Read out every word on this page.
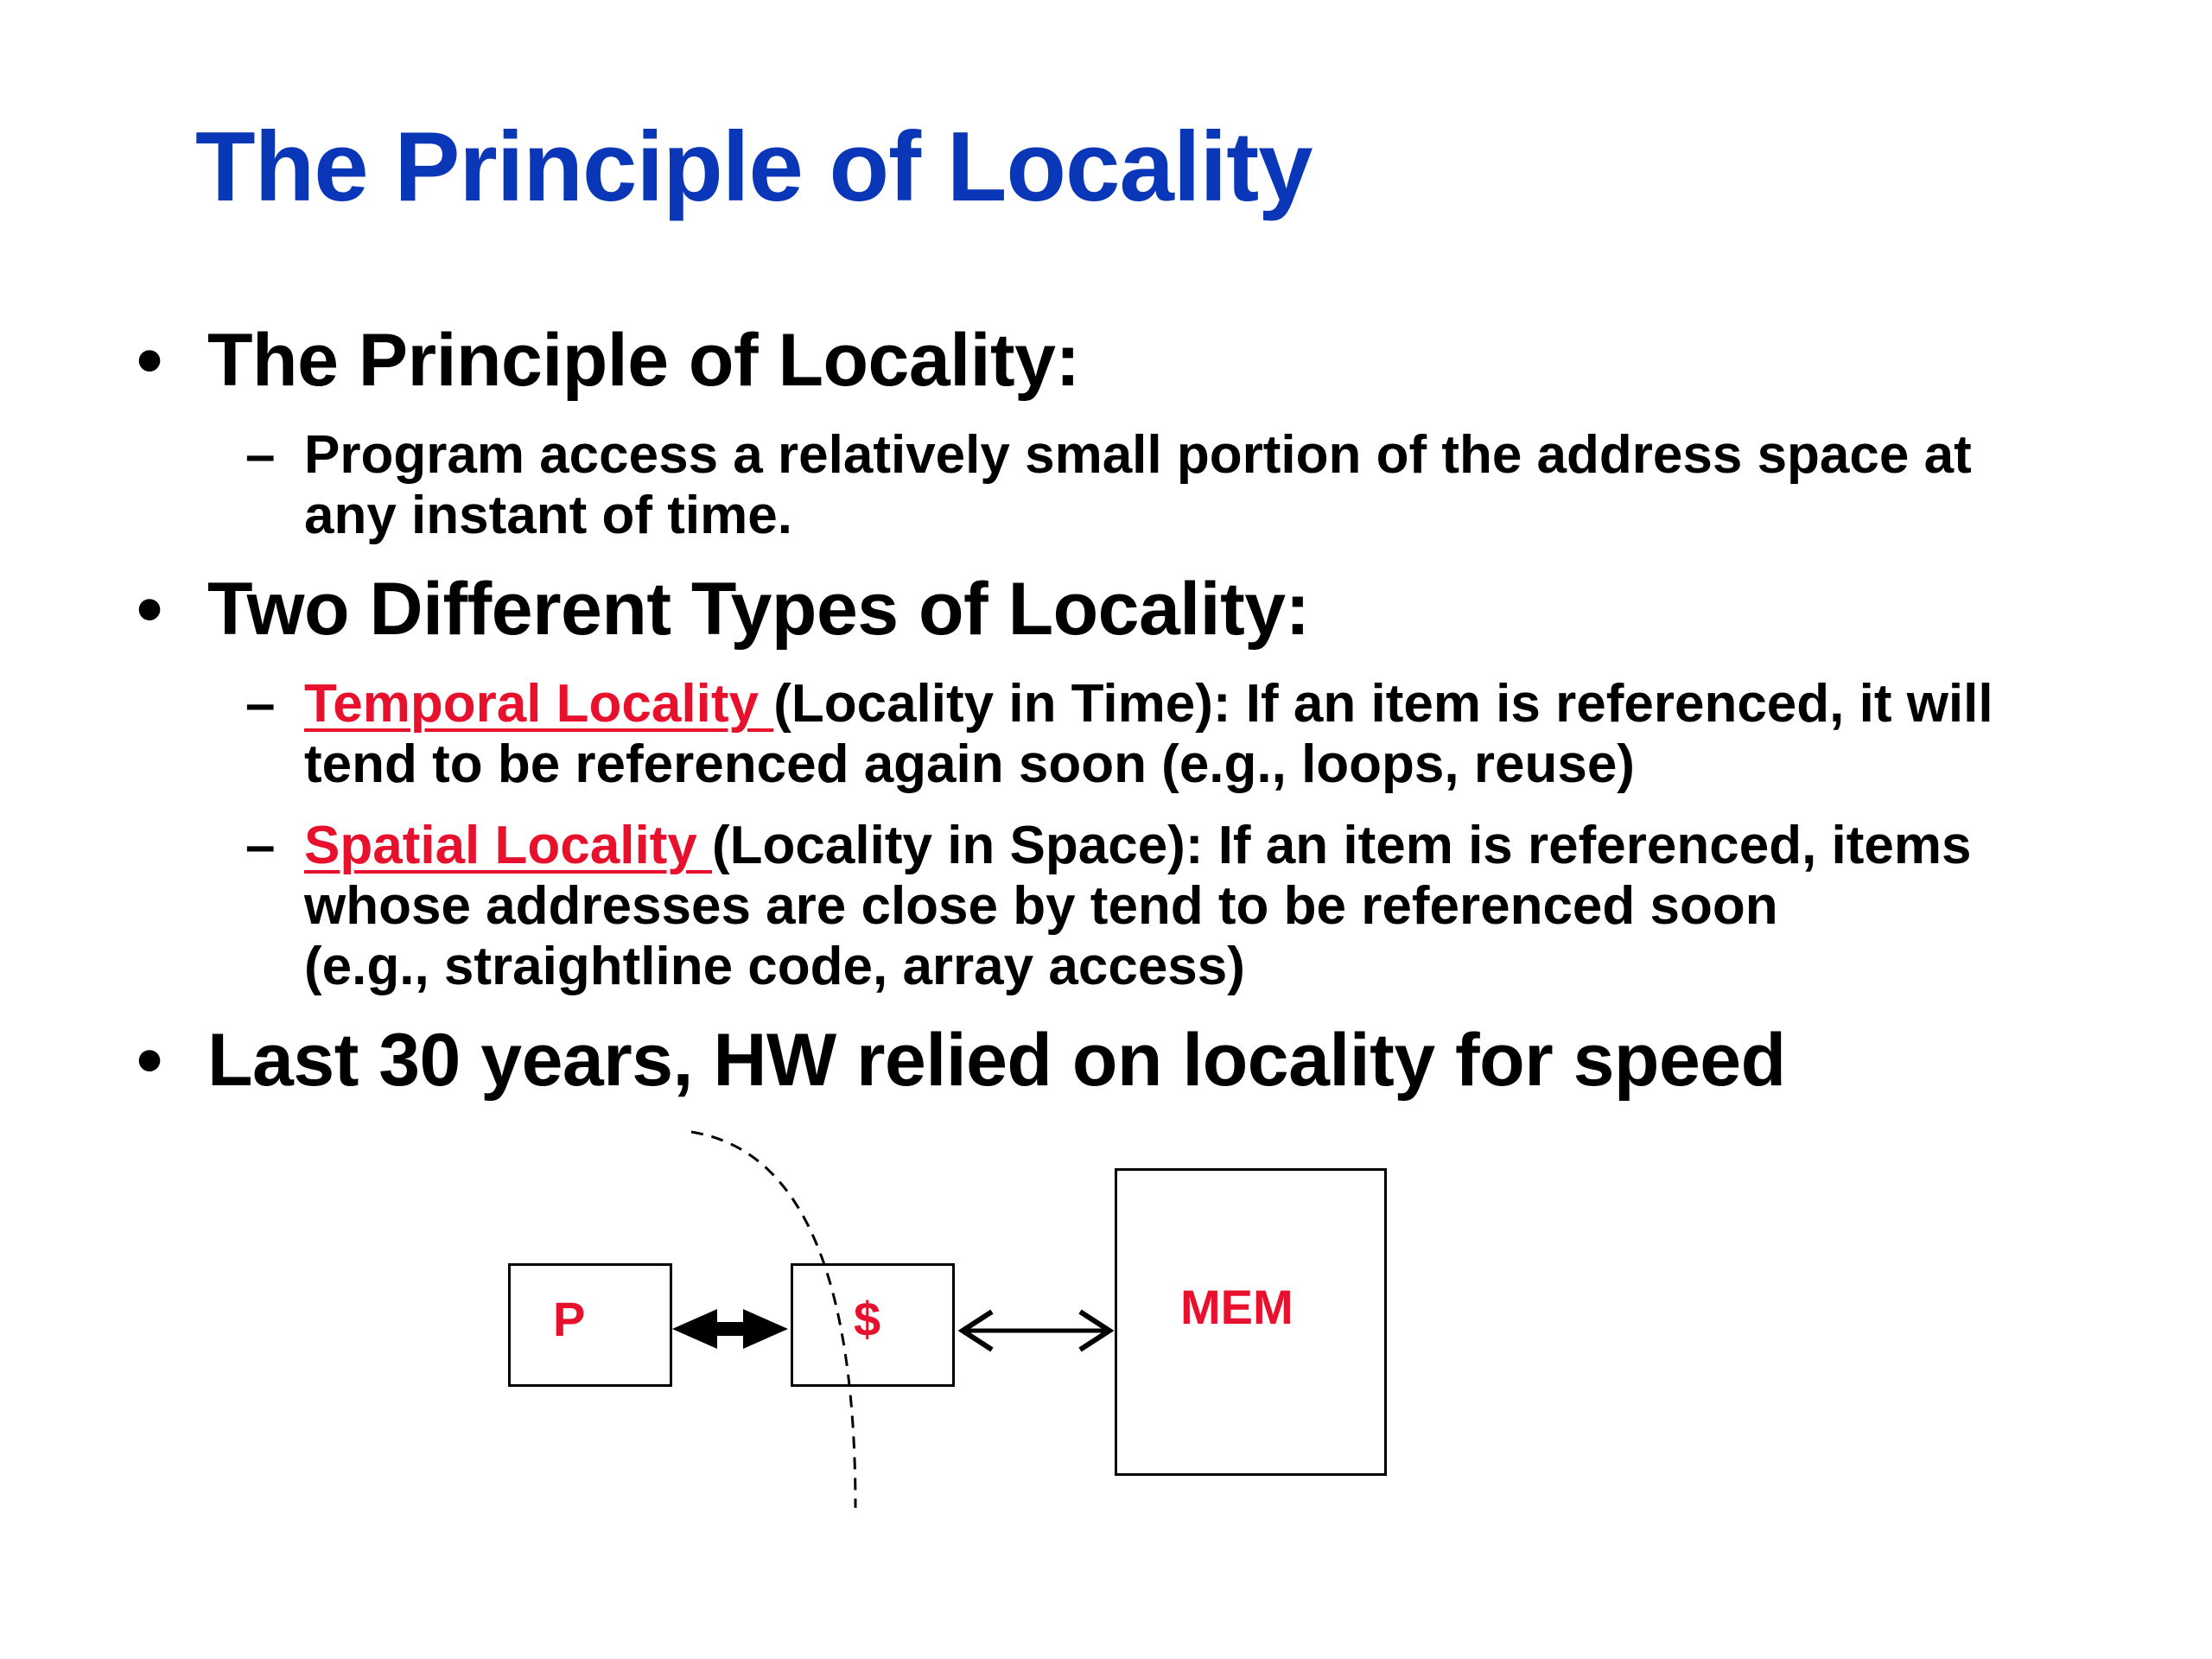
The Principle of Locality
• The Principle of Locality:
– Program access a relatively small portion of the address space at
any instant of time.
• Two Different Types of Locality:
– Temporal Locality (Locality in Time): If an item is referenced, it will
tend to be referenced again soon (e.g., loops, reuse)
– Spatial Locality (Locality in Space): If an item is referenced, items
whose addresses are close by tend to be referenced soon
(e.g., straightline code, array access)
• Last 30 years, HW relied on locality for speed
P	$	MEM
